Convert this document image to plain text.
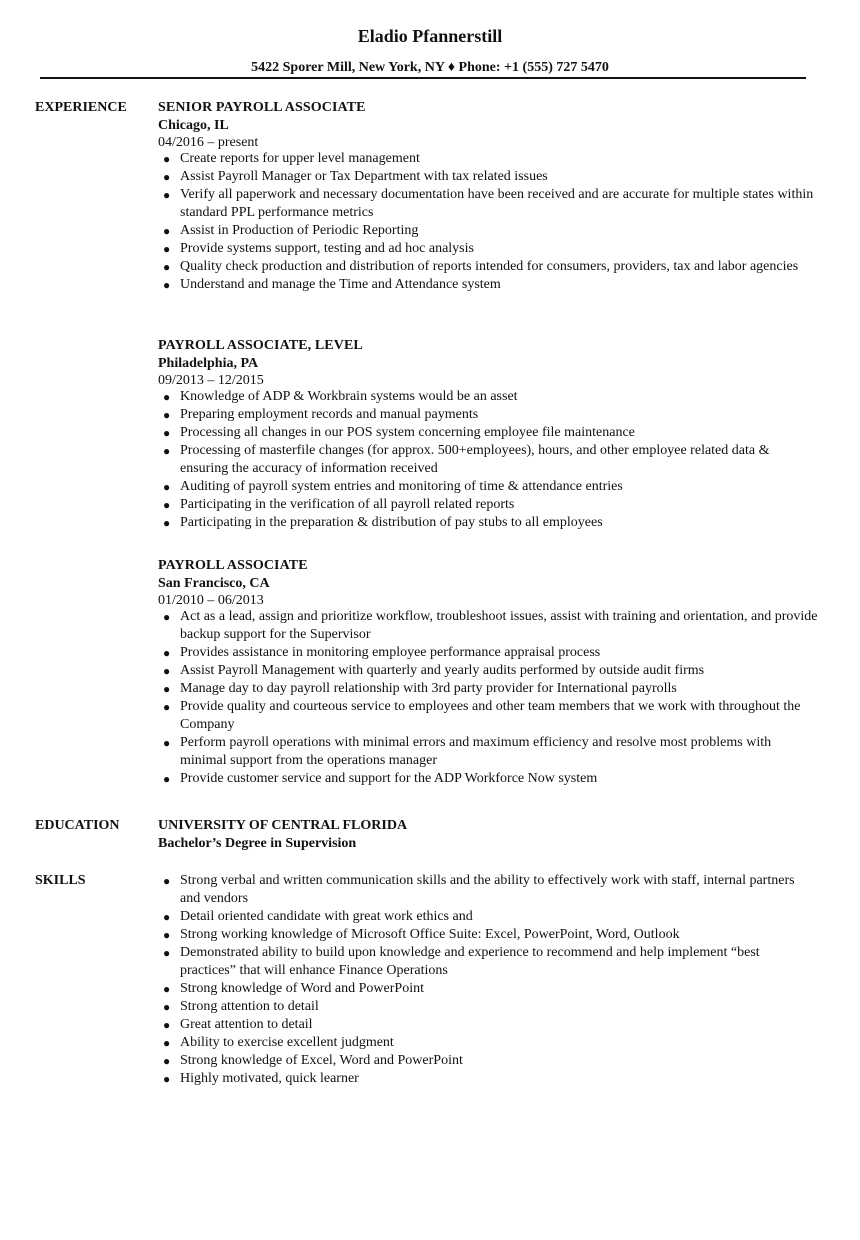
Eladio Pfannerstill
5422 Sporer Mill, New York, NY ♦ Phone: +1 (555) 727 5470
EXPERIENCE SENIOR PAYROLL ASSOCIATE
Chicago, IL
04/2016 – present
● Create reports for upper level management
● Assist Payroll Manager or Tax Department with tax related issues
● Verify all paperwork and necessary documentation have been received and are accurate for multiple states within standard PPL performance metrics
● Assist in Production of Periodic Reporting
● Provide systems support, testing and ad hoc analysis
● Quality check production and distribution of reports intended for consumers, providers, tax and labor agencies
● Understand and manage the Time and Attendance system
PAYROLL ASSOCIATE, LEVEL
Philadelphia, PA
09/2013 – 12/2015
● Knowledge of ADP & Workbrain systems would be an asset
● Preparing employment records and manual payments
● Processing all changes in our POS system concerning employee file maintenance
● Processing of masterfile changes (for approx. 500+employees), hours, and other employee related data & ensuring the accuracy of information received
● Auditing of payroll system entries and monitoring of time & attendance entries
● Participating in the verification of all payroll related reports
● Participating in the preparation & distribution of pay stubs to all employees
PAYROLL ASSOCIATE
San Francisco, CA
01/2010 – 06/2013
● Act as a lead, assign and prioritize workflow, troubleshoot issues, assist with training and orientation, and provide backup support for the Supervisor
● Provides assistance in monitoring employee performance appraisal process
● Assist Payroll Management with quarterly and yearly audits performed by outside audit firms
● Manage day to day payroll relationship with 3rd party provider for International payrolls
● Provide quality and courteous service to employees and other team members that we work with throughout the Company
● Perform payroll operations with minimal errors and maximum efficiency and resolve most problems with minimal support from the operations manager
● Provide customer service and support for the ADP Workforce Now system
EDUCATION	UNIVERSITY OF CENTRAL FLORIDA
Bachelor’s Degree in Supervision
SKILLS	● Strong verbal and written communication skills and the ability to effectively work with staff, internal partners and vendors
● Detail oriented candidate with great work ethics and
● Strong working knowledge of Microsoft Office Suite: Excel, PowerPoint, Word, Outlook
● Demonstrated ability to build upon knowledge and experience to recommend and help implement “best practices” that will enhance Finance Operations
● Strong knowledge of Word and PowerPoint
● Strong attention to detail
● Great attention to detail
● Ability to exercise excellent judgment
● Strong knowledge of Excel, Word and PowerPoint
● Highly motivated, quick learner
